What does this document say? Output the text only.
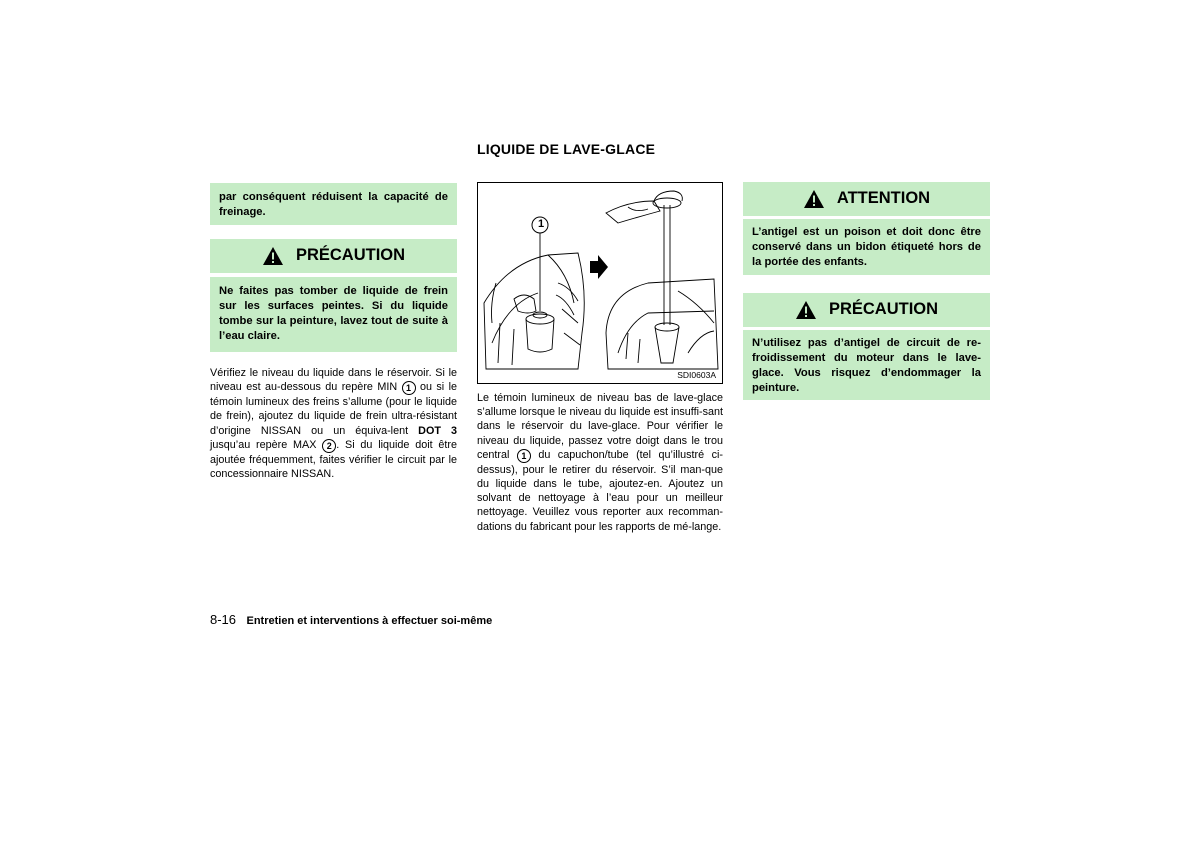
LIQUIDE DE LAVE-GLACE
par conséquent réduisent la capacité de freinage.
PRÉCAUTION
Ne faites pas tomber de liquide de frein sur les surfaces peintes. Si du liquide tombe sur la peinture, lavez tout de suite à l’eau claire.
Vérifiez le niveau du liquide dans le réservoir. Si le niveau est au-dessous du repère MIN 1 ou si le témoin lumineux des freins s’allume (pour le liquide de frein), ajoutez du liquide de frein ultra-résistant d’origine NISSAN ou un équiva-lent DOT 3 jusqu’au repère MAX 2 . Si du liquide doit être ajoutée fréquemment, faites vérifier le circuit par le concessionnaire NISSAN.
1
SDI0603A
Le témoin lumineux de niveau bas de lave-glace s’allume lorsque le niveau du liquide est insuffi-sant dans le réservoir du lave-glace. Pour vérifier le niveau du liquide, passez votre doigt dans le trou central 1 du capuchon/tube (tel qu’illustré ci-dessus), pour le retirer du réservoir. S’il man-que du liquide dans le tube, ajoutez-en. Ajoutez un solvant de nettoyage à l’eau pour un meilleur nettoyage. Veuillez vous reporter aux recomman-dations du fabricant pour les rapports de mé-lange.
ATTENTION
L’antigel est un poison et doit donc être conservé dans un bidon étiqueté hors de la portée des enfants.
PRÉCAUTION
N’utilisez pas d’antigel de circuit de re-froidissement du moteur dans le lave-glace. Vous risquez d’endommager la peinture.
8-16 Entretien et interventions à effectuer soi-même
